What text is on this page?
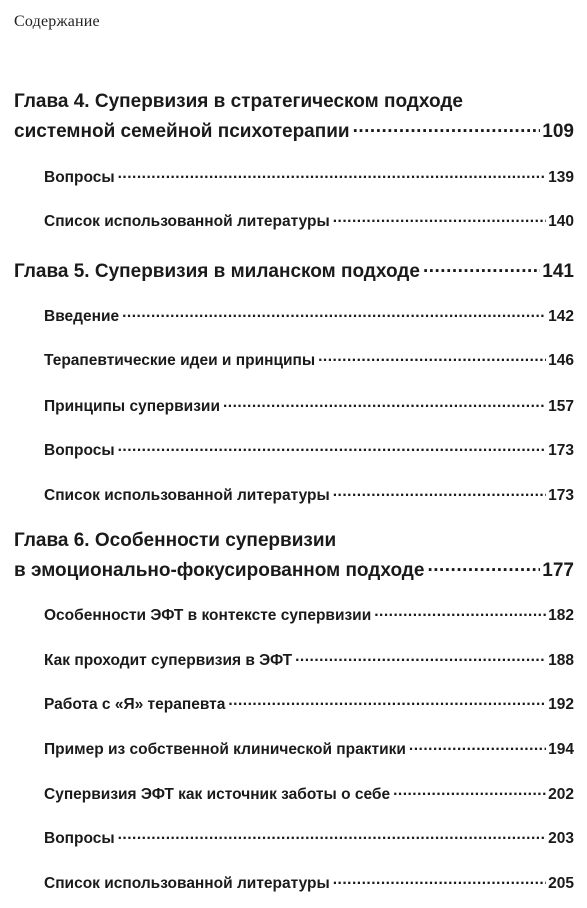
Содержание
Глава 4. Супервизия в стратегическом подходе
системной семейной психотерапии .....	109
Вопросы .....	139
Список использованной литературы .....	140
Глава 5. Супервизия в миланском подходе .....	141
Введение .....	142
Терапевтические идеи и принципы .....	146
Принципы супервизии .....	157
Вопросы .....	173
Список использованной литературы .....	173
Глава 6. Особенности супервизии
в эмоционально-фокусированном подходе .....	177
Особенности ЭФТ в контексте супервизии .....	182
Как проходит супервизия в ЭФТ .....	188
Работа с «Я» терапевта .....	192
Пример из собственной клинической практики .....	194
Супервизия ЭФТ как источник заботы о себе .....	202
Вопросы .....	203
Список использованной литературы .....	205
